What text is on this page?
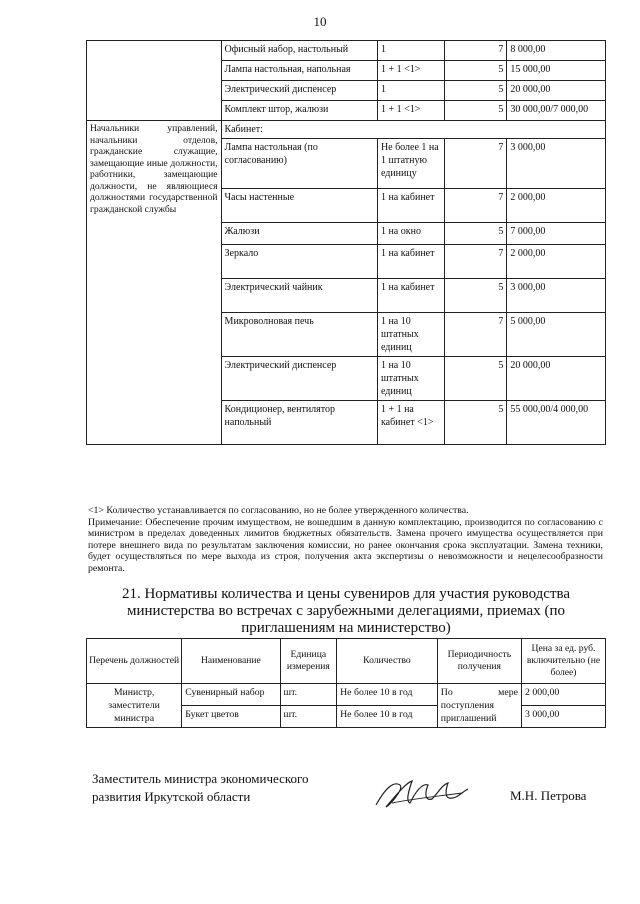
10
	Офисный набор, настольный	1	7	8 000,00
	Лампа настольная, напольная	1 + 1 <1>	5	15 000,00
	Электрический диспенсер	1	5	20 000,00
	Комплект штор, жалюзи	1 + 1 <1>	5	30 000,00/7 000,00
Начальники управлений, начальники отделов, гражданские служащие, замещающие иные должности, работники, замещающие должности, не являющиеся должностями государственной гражданской службы	Кабинет:			
	Лампа настольная (по согласованию)	Не более 1 на 1 штатную единицу	7	3 000,00
	Часы настенные	1 на кабинет	7	2 000,00
	Жалюзи	1 на окно	5	7 000,00
	Зеркало	1 на кабинет	7	2 000,00
	Электрический чайник	1 на кабинет	5	3 000,00
	Микроволновая печь	1 на 10 штатных единиц	7	5 000,00
	Электрический диспенсер	1 на 10 штатных единиц	5	20 000,00
	Кондиционер, вентилятор напольный	1 + 1 на кабинет <1>	5	55 000,00/4 000,00

<1> Количество устанавливается по согласованию, но не более утвержденного количества.

Примечание: Обеспечение прочим имуществом, не вошедшим в данную комплектацию, производится по согласованию с министром в пределах доведенных лимитов бюджетных обязательств. Замена прочего имущества осуществляется при потере внешнего вида по результатам заключения комиссии, но ранее окончания срока эксплуатации. Замена техники, будет осуществляться по мере выхода из строя, получения акта экспертизы о невозможности и нецелесообразности ремонта.

21. Нормативы количества и цены сувениров для участия руководства министерства во встречах с зарубежными делегациями, приемах (по приглашениям на министерство)
Перечень должностей	Наименование	Единица измерения	Количество	Периодичность получения	Цена за ед. руб. включительно (не более)
Министр, заместители министра	Сувенирный набор	шт.	Не более 10 в год	По мере поступления приглашений	2 000,00
	Букет цветов	шт.	Не более 10 в год		3 000,00
Заместитель министра экономического
развития Иркутской области	М.Н. Петрова
